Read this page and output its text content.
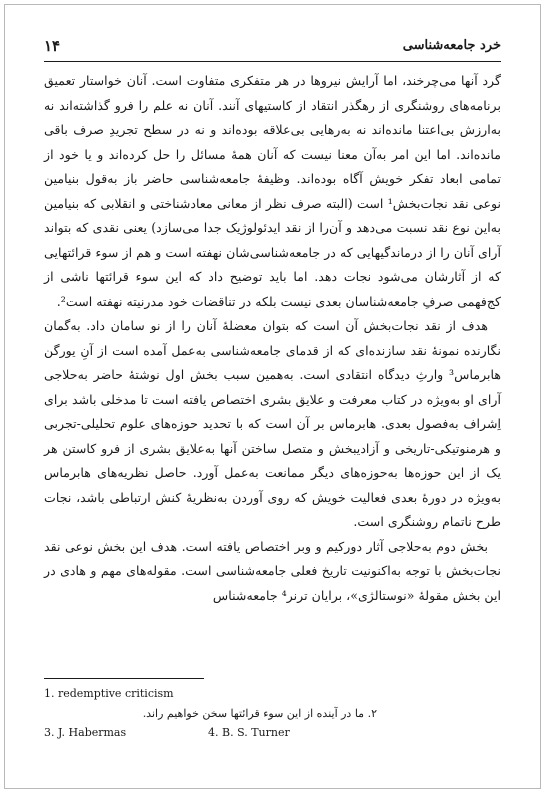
۱۴	خرد جامعه‌شناسی

گرد آنها می‌چرخند، اما آرایش نیروها در هر متفکری متفاوت است. آنان خواستار تعمیق برنامه‌های روشنگری از رهگذر انتقاد از کاستیهای آنند. آنان نه علم را فرو گذاشته‌اند نه به‌ارزش بی‌اعتنا مانده‌اند نه به‌رهایی بی‌علاقه بوده‌اند و نه در سطح تجریدِ صرف باقی مانده‌اند. اما این امر به‌آن معنا نیست که آنان همهٔ مسائل را حل کرده‌اند و یا خود از تمامی ابعاد تفکر خویش آگاه بوده‌اند. وظیفهٔ جامعه‌شناسی حاضر باز به‌قول بنیامین نوعی نقد نجات‌بخش¹ است (البته صرف نظر از معانی معادشناختی و انقلابی که بنیامین به‌این نوع نقد نسبت می‌دهد و آن‌را از نقد ایدئولوژیک جدا می‌سازد) یعنی نقدی که بتواند آرای آنان را از درماندگیهایی که در جامعه‌شناسی‌شان نهفته است و هم از سوء قرائتهایی که از آثارشان می‌شود نجات دهد. اما باید توضیح داد که این سوء قرائتها ناشی از کج‌فهمی صرفِ جامعه‌شناسان بعدی نیست بلکه در تناقضات خود مدرنیته نهفته است².

هدف از نقد نجات‌بخش آن است که بتوان معضلهٔ آنان را از نو سامان داد. به‌گمان نگارنده نمونهٔ نقد سازنده‌ای که از قدمای جامعه‌شناسی به‌عمل آمده است از آنِ یورگن هابرماس³ وارثِ دیدگاه انتقادی است. به‌همین سبب بخش اول نوشتهٔ حاضر به‌حلاجی آرای او به‌ویژه در کتاب معرفت و علایق بشری اختصاص یافته است تا مدخلی باشد برای اِشراف به‌فصول بعدی. هابرماس بر آن است که با تحدید حوزه‌های علوم تحلیلی-تجربی و هرمنوتیکی-تاریخی و آزادیبخش و متصل ساختن آنها به‌علایق بشری از فرو کاستن هر یک از این حوزه‌ها به‌حوزه‌های دیگر ممانعت به‌عمل آورد. حاصل نظریه‌های هابرماس به‌ویژه در دورهٔ بعدی فعالیت خویش که روی آوردن به‌نظریهٔ کنش ارتباطی باشد، نجات طرح ناتمام روشنگری است.

بخش دوم به‌حلاجی آثار دورکیم و وبر اختصاص یافته است. هدف این بخش نوعی نقد نجات‌بخش با توجه به‌اکنونیت تاریخ فعلی جامعه‌شناسی است. مقوله‌های مهم و هادی در این بخش مقولهٔ «نوستالژی»، برایان ترنر⁴ جامعه‌شناس

1. redemptive criticism
۲. ما در آینده از این سوء قرائتها سخن خواهیم راند.
3. J. Habermas	4. B. S. Turner
